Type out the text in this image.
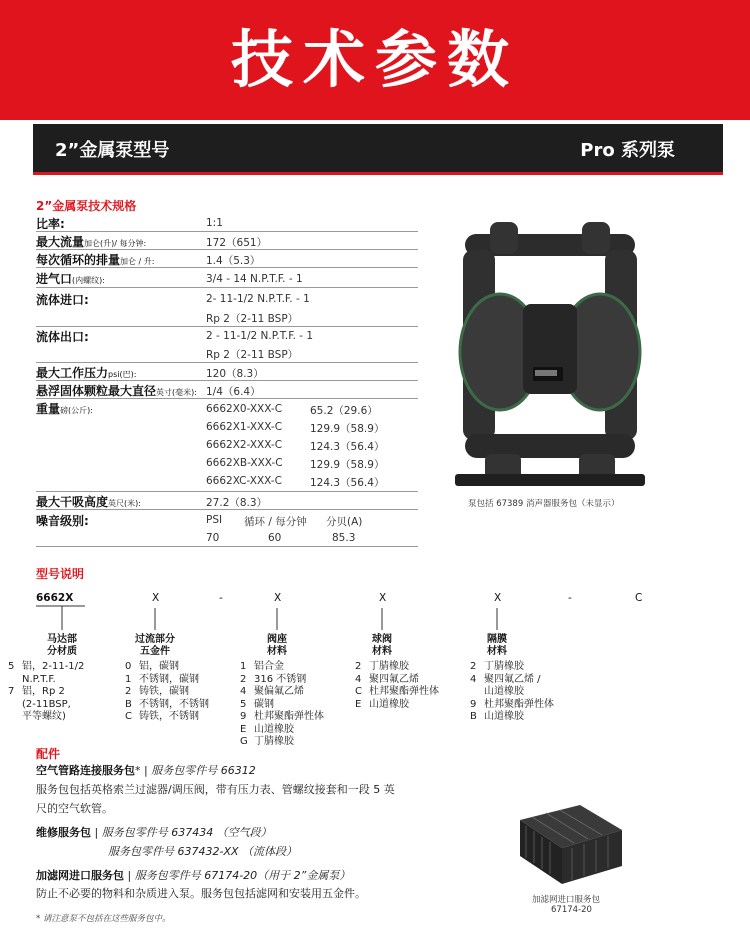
技术参数
2”金属泵型号	Pro 系列泵
2”金属泵技术规格
比率:	1:1
最大流量加仑(升)/ 每分钟:	172（651）
每次循环的排量加仑 / 升:	1.4（5.3）
进气口(内螺纹):	3/4 - 14 N.P.T.F. - 1
流体进口:	2- 11-1/2 N.P.T.F. - 1
Rp 2（2-11 BSP）
流体出口:	2 - 11-1/2 N.P.T.F. - 1
Rp 2（2-11 BSP）
最大工作压力psi(巴):	120（8.3）
悬浮固体颗粒最大直径英寸(毫米): 1/4（6.4）
重量磅(公斤):	6662X0-XXX-C	65.2（29.6）
6662X1-XXX-C	129.9（58.9）
6662X2-XXX-C	124.3（56.4）
6662XB-XXX-C	129.9（58.9）
6662XC-XXX-C	124.3（56.4）
最大干吸高度英尺(米):	27.2（8.3）
噪音级别:	PSI 循环 / 每分钟 分贝(A)
70	60	85.3
泵包括 67389 消声器服务包（未显示）
型号说明
6662X	X	-	X	X	X	-	C
马达部
分材质
过流部分
五金件
阀座
材料
球阀
材料
隔膜
材料
5 铝，2-11-1/2
N.P.T.F.
7 铝，Rp 2
(2-11BSP,
平等螺纹)
0 铝，碳钢
1 不锈钢，碳钢
2 铸铁，碳钢
B 不锈钢，不锈钢
C 铸铁，不锈钢
1 铝合金
2 316 不锈钢
4 聚偏氟乙烯
5 碳钢
9 杜邦聚酯弹性体
E 山道橡胶
G 丁腈橡胶
2 丁腈橡胶
4 聚四氟乙烯
C 杜邦聚酯弹性体
E 山道橡胶
2 丁腈橡胶
4 聚四氟乙烯 /
山道橡胶
9 杜邦聚酯弹性体
B 山道橡胶
配件
空气管路连接服务包* | 服务包零件号 66312
服务包包括英格索兰过滤器/调压阀，带有压力表、管螺纹接套和一段 5 英
尺的空气软管。
维修服务包 | 服务包零件号 637434 （空气段）
服务包零件号 637432-XX （流体段）
加滤网进口服务包 | 服务包零件号 67174-20（用于 2”金属泵）
防止不必要的物料和杂质进入泵。服务包包括滤网和安装用五金件。
* 请注意泵不包括在这些服务包中。
加滤网进口服务包
67174-20
